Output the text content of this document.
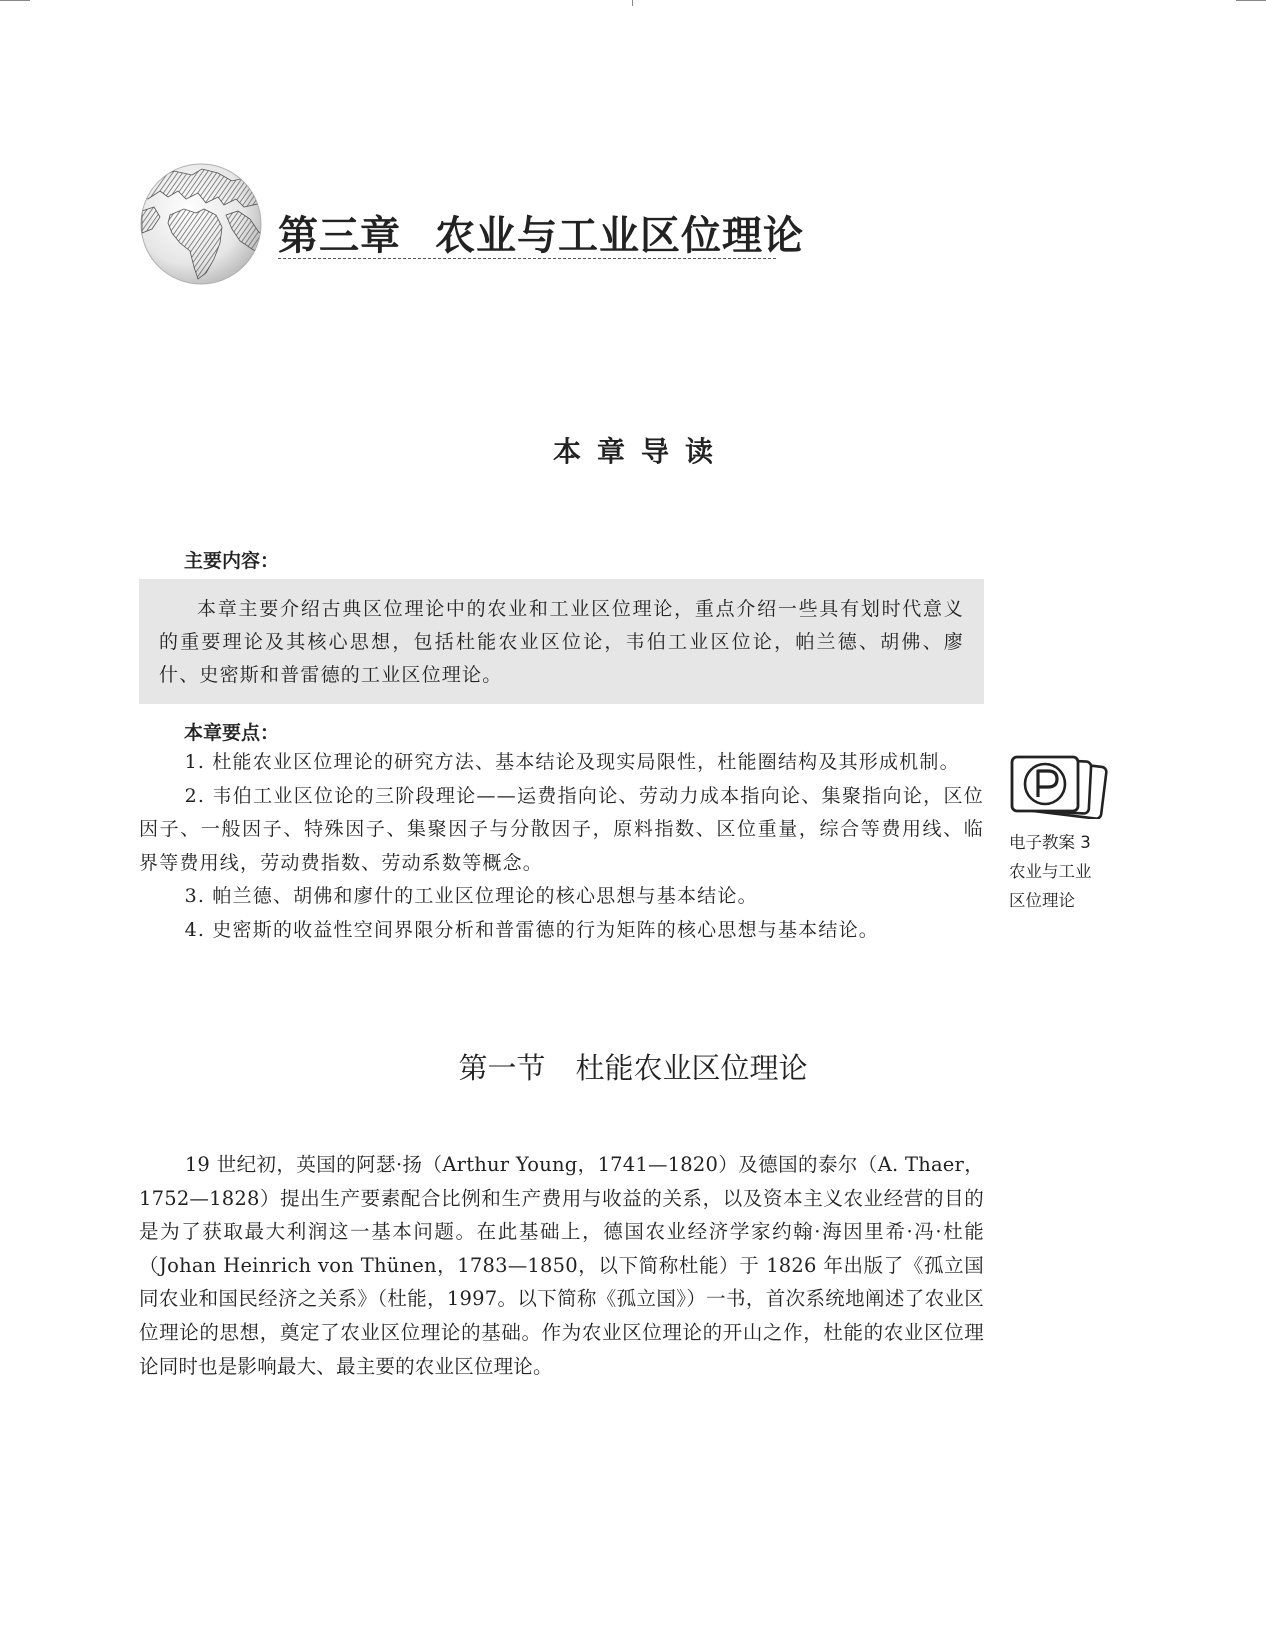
第三章 农业与工业区位理论
本章导读
主要内容：

本章主要介绍古典区位理论中的农业和工业区位理论，重点介绍一些具有划时代意义的重要理论及其核心思想，包括杜能农业区位论，韦伯工业区位论，帕兰德、胡佛、廖什、史密斯和普雷德的工业区位理论。

本章要点：

1. 杜能农业区位理论的研究方法、基本结论及现实局限性，杜能圈结构及其形成机制。

2. 韦伯工业区位论的三阶段理论——运费指向论、劳动力成本指向论、集聚指向论，区位因子、一般因子、特殊因子、集聚因子与分散因子，原料指数、区位重量，综合等费用线、临界等费用线，劳动费指数、劳动系数等概念。

3. 帕兰德、胡佛和廖什的工业区位理论的核心思想与基本结论。

4. 史密斯的收益性空间界限分析和普雷德的行为矩阵的核心思想与基本结论。

电子教案 3
农业与工业
区位理论
第一节 杜能农业区位理论

19 世纪初，英国的阿瑟·扬（Arthur Young，1741—1820）及德国的泰尔（A. Thaer，1752—1828）提出生产要素配合比例和生产费用与收益的关系，以及资本主义农业经营的目的是为了获取最大利润这一基本问题。在此基础上，德国农业经济学家约翰·海因里希·冯·杜能（Johan Heinrich von Thünen，1783—1850，以下简称杜能）于 1826 年出版了《孤立国同农业和国民经济之关系》（杜能，1997。以下简称《孤立国》）一书，首次系统地阐述了农业区位理论的思想，奠定了农业区位理论的基础。作为农业区位理论的开山之作，杜能的农业区位理论同时也是影响最大、最主要的农业区位理论。
